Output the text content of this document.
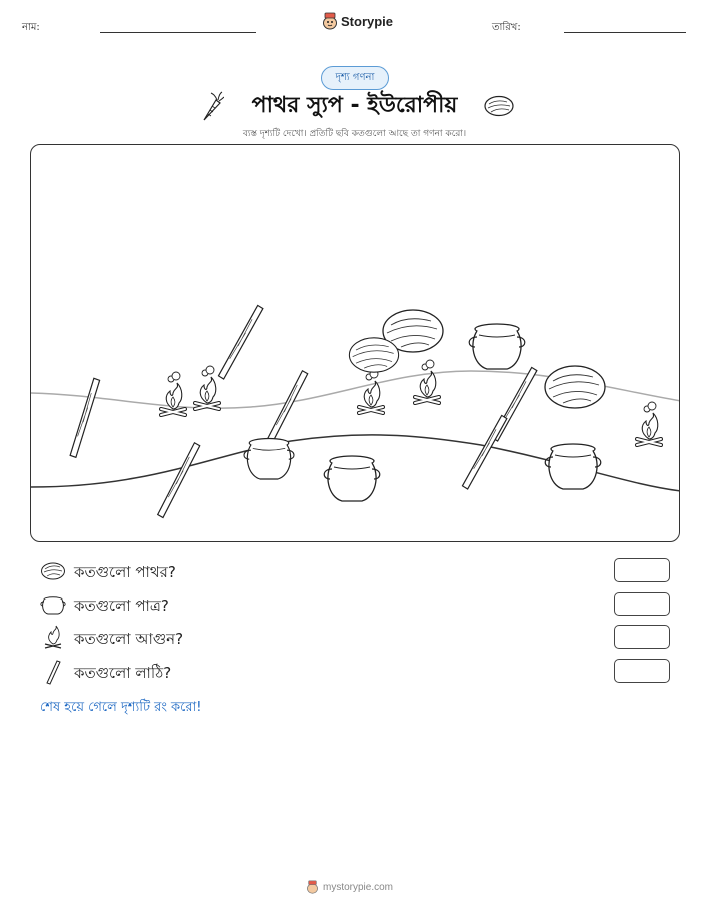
নাম:	Storypie	তারিখ:
দৃশ্য গণনা
পাথর স্যুপ - ইউরোপীয়
ব্যস্ত দৃশ্যটি দেখো। প্রতিটি ছবি কতগুলো আছে তা গণনা করো।
কতগুলো পাথর?
কতগুলো পাত্র?
কতগুলো আগুন?
কতগুলো লাঠি?
শেষ হয়ে গেলে দৃশ্যটি রং করো!
mystorypie.com
